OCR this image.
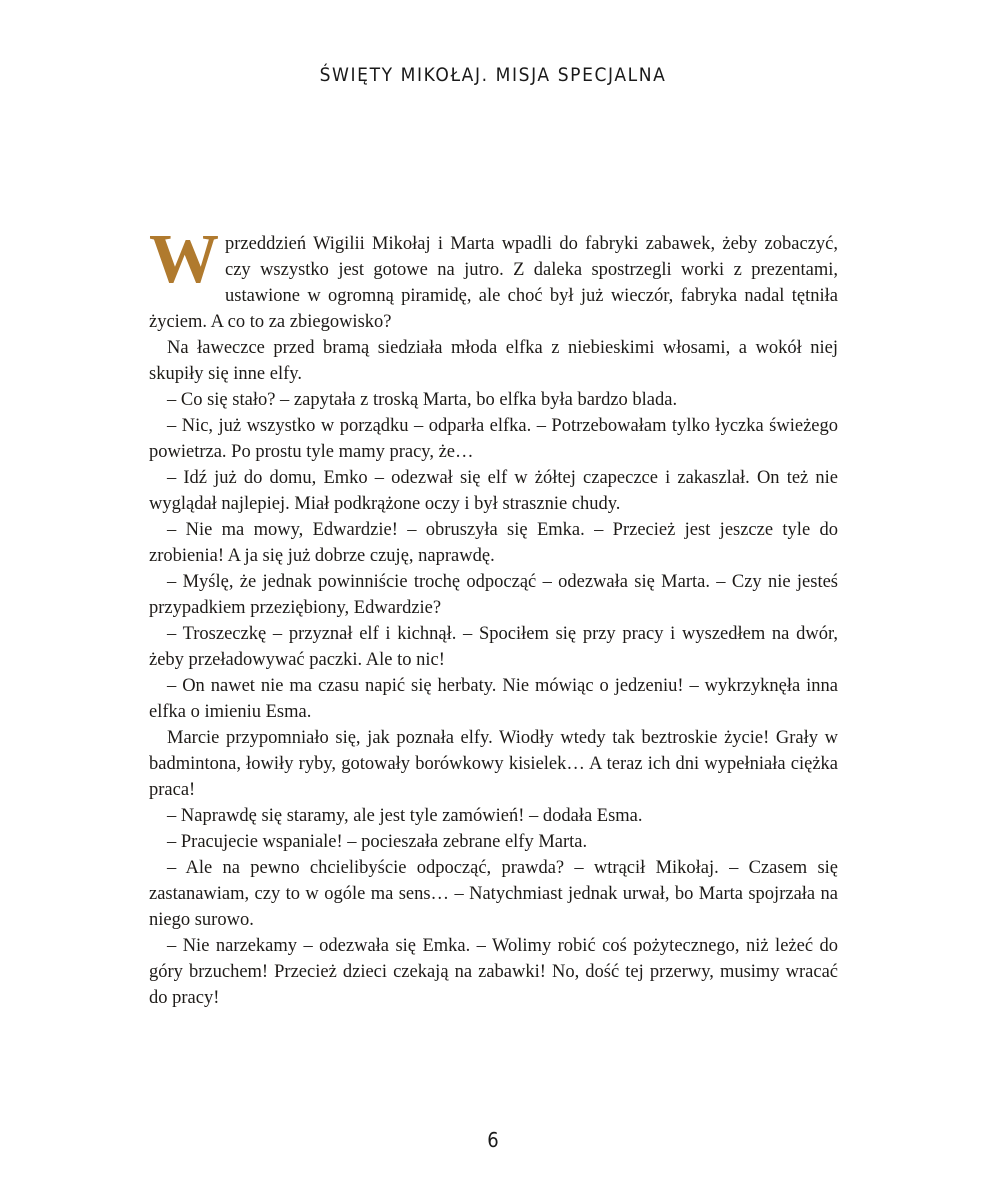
ŚWIĘTY MIKOŁAJ. MISJA SPECJALNA

Wprzeddzień Wigilii Mikołaj i Marta wpadli do fabryki zabawek, żeby zobaczyć, czy wszystko jest gotowe na jutro. Z daleka spostrzegli worki z prezentami, ustawione w ogromną piramidę, ale choć był już wieczór, fabryka nadal tętniła życiem. A co to za zbiegowisko?

Na ławeczce przed bramą siedziała młoda elfka z niebieskimi włosami, a wokół niej skupiły się inne elfy.

– Co się stało? – zapytała z troską Marta, bo elfka była bardzo blada.

– Nic, już wszystko w porządku – odparła elfka. – Potrzebowałam tylko łyczka świeżego powietrza. Po prostu tyle mamy pracy, że…

– Idź już do domu, Emko – odezwał się elf w żółtej czapeczce i zakaszlał. On też nie wyglądał najlepiej. Miał podkrążone oczy i był strasznie chudy.

– Nie ma mowy, Edwardzie! – obruszyła się Emka. – Przecież jest jeszcze tyle do zrobienia! A ja się już dobrze czuję, naprawdę.

– Myślę, że jednak powinniście trochę odpocząć – odezwała się Marta. – Czy nie jesteś przypadkiem przeziębiony, Edwardzie?

– Troszeczkę – przyznał elf i kichnął. – Spociłem się przy pracy i wyszedłem na dwór, żeby przeładowywać paczki. Ale to nic!

– On nawet nie ma czasu napić się herbaty. Nie mówiąc o jedzeniu! – wykrzyknęła inna elfka o imieniu Esma.

Marcie przypomniało się, jak poznała elfy. Wiodły wtedy tak beztroskie życie! Grały w badmintona, łowiły ryby, gotowały borówkowy kisielek… A teraz ich dni wypełniała ciężka praca!

– Naprawdę się staramy, ale jest tyle zamówień! – dodała Esma.

– Pracujecie wspaniale! – pocieszała zebrane elfy Marta.

– Ale na pewno chcielibyście odpocząć, prawda? – wtrącił Mikołaj. – Czasem się zastanawiam, czy to w ogóle ma sens… – Natychmiast jednak urwał, bo Marta spojrzała na niego surowo.

– Nie narzekamy – odezwała się Emka. – Wolimy robić coś pożytecznego, niż leżeć do góry brzuchem! Przecież dzieci czekają na zabawki! No, dość tej przerwy, musimy wracać do pracy!

6
